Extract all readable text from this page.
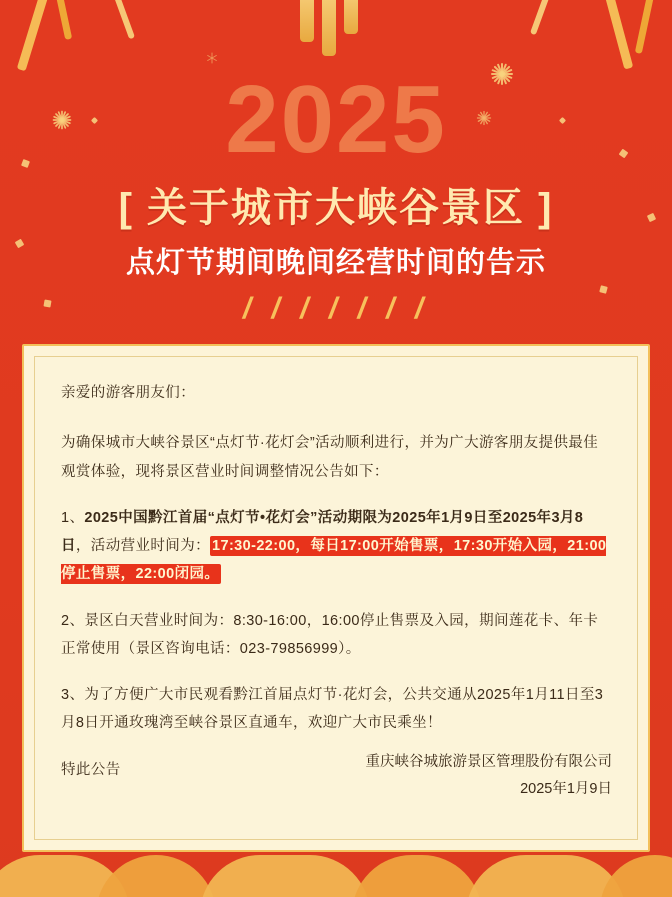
2025
[ 关于城市大峡谷景区 ]
点灯节期间晚间经营时间的告示
/ / / / / / /

亲爱的游客朋友们：

为确保城市大峡谷景区“点灯节·花灯会”活动顺利进行，并为广大游客朋友提供最佳观赏体验，现将景区营业时间调整情况公告如下：

1、2025中国黔江首届“点灯节•花灯会”活动期限为2025年1月9日至2025年3月8日，活动营业时间为： 17:30-22:00，每日17:00开始售票，17:30开始入园，21:00停止售票，22:00闭园。

2、景区白天营业时间为：8:30-16:00，16:00停止售票及入园，期间莲花卡、年卡正常使用（景区咨询电话：023-79856999）。

3、为了方便广大市民观看黔江首届点灯节·花灯会，公共交通从2025年1月11日至3月8日开通玫瑰湾至峡谷景区直通车，欢迎广大市民乘坐！

特此公告	重庆峡谷城旅游景区管理股份有限公司
2025年1月9日
